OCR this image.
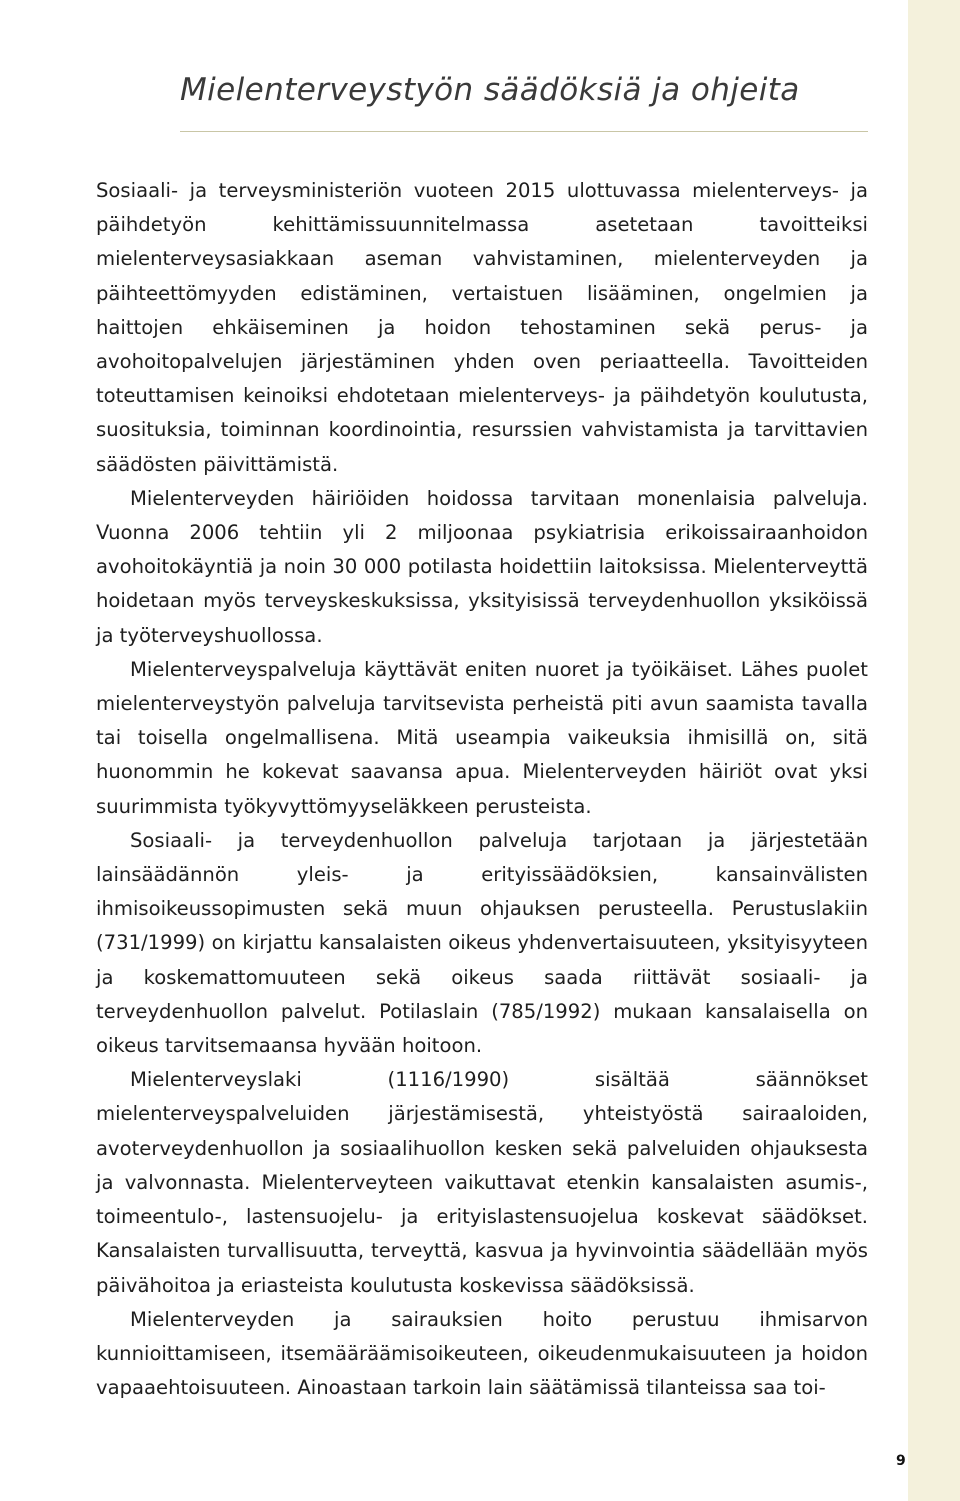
Mielenterveystyön säädöksiä ja ohjeita

Sosiaali- ja terveysministeriön vuoteen 2015 ulottuvassa mielenterveys- ja päihdetyön kehittämissuunnitelmassa asetetaan tavoitteiksi mielenterveysasiakkaan aseman vahvistaminen, mielenterveyden ja päihteettömyyden edistäminen, vertaistuen lisääminen, ongelmien ja haittojen ehkäiseminen ja hoidon tehostaminen sekä perus- ja avohoitopalvelujen järjestäminen yhden oven periaatteella. Tavoitteiden toteuttamisen keinoiksi ehdotetaan mielenterveys- ja päihdetyön koulutusta, suosituksia, toiminnan koordinointia, resurssien vahvistamista ja tarvittavien säädösten päivittämistä.

Mielenterveyden häiriöiden hoidossa tarvitaan monenlaisia palveluja. Vuonna 2006 tehtiin yli 2 miljoonaa psykiatrisia erikoissairaanhoidon avohoitokäyntiä ja noin 30 000 potilasta hoidettiin laitoksissa. Mielenterveyttä hoidetaan myös terveyskeskuksissa, yksityisissä terveydenhuollon yksiköissä ja työterveyshuollossa.

Mielenterveyspalveluja käyttävät eniten nuoret ja työikäiset. Lähes puolet mielenterveystyön palveluja tarvitsevista perheistä piti avun saamista tavalla tai toisella ongelmallisena. Mitä useampia vaikeuksia ihmisillä on, sitä huonommin he kokevat saavansa apua. Mielenterveyden häiriöt ovat yksi suurimmista työkyvyttömyyseläkkeen perusteista.

Sosiaali- ja terveydenhuollon palveluja tarjotaan ja järjestetään lainsäädännön yleis- ja erityissäädöksien, kansainvälisten ihmisoikeussopimusten sekä muun ohjauksen perusteella. Perustuslakiin (731/1999) on kirjattu kansalaisten oikeus yhdenvertaisuuteen, yksityisyyteen ja koskemattomuuteen sekä oikeus saada riittävät sosiaali- ja terveydenhuollon palvelut. Potilaslain (785/1992) mukaan kansalaisella on oikeus tarvitsemaansa hyvään hoitoon.

Mielenterveyslaki (1116/1990) sisältää säännökset mielenterveyspalveluiden järjestämisestä, yhteistyöstä sairaaloiden, avoterveydenhuollon ja sosiaalihuollon kesken sekä palveluiden ohjauksesta ja valvonnasta. Mielenterveyteen vaikuttavat etenkin kansalaisten asumis-, toimeentulo-, lastensuojelu- ja erityislastensuojelua koskevat säädökset. Kansalaisten turvallisuutta, terveyttä, kasvua ja hyvinvointia säädellään myös päivähoitoa ja eriasteista koulutusta koskevissa säädöksissä.

Mielenterveyden ja sairauksien hoito perustuu ihmisarvon kunnioittamiseen, itsemääräämisoikeuteen, oikeudenmukaisuuteen ja hoidon vapaaehtoisuuteen. Ainoastaan tarkoin lain säätämissä tilanteissa saa toi-

9
